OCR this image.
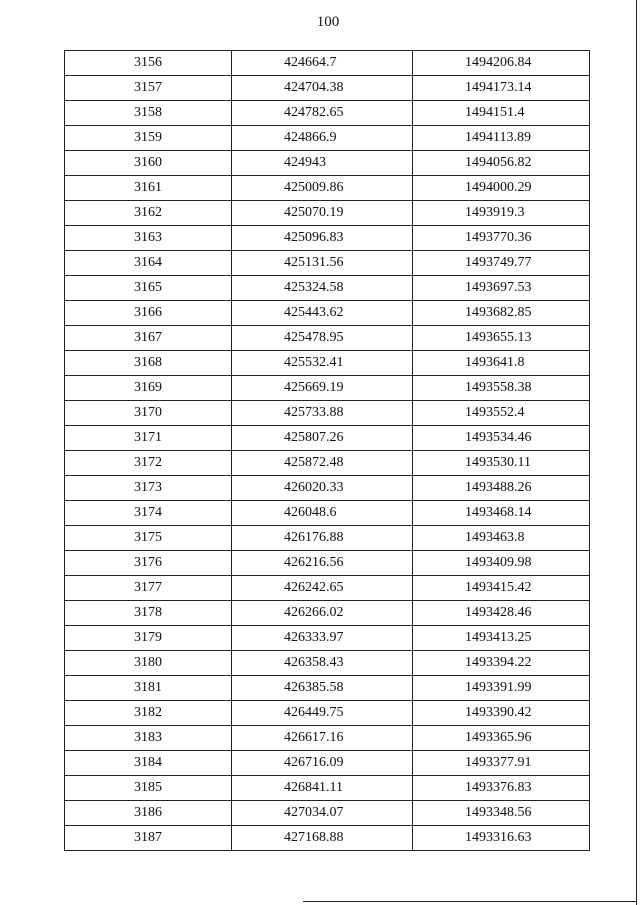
100
3156	424664.7	1494206.84
3157	424704.38	1494173.14
3158	424782.65	1494151.4
3159	424866.9	1494113.89
3160	424943	1494056.82
3161	425009.86	1494000.29
3162	425070.19	1493919.3
3163	425096.83	1493770.36
3164	425131.56	1493749.77
3165	425324.58	1493697.53
3166	425443.62	1493682.85
3167	425478.95	1493655.13
3168	425532.41	1493641.8
3169	425669.19	1493558.38
3170	425733.88	1493552.4
3171	425807.26	1493534.46
3172	425872.48	1493530.11
3173	426020.33	1493488.26
3174	426048.6	1493468.14
3175	426176.88	1493463.8
3176	426216.56	1493409.98
3177	426242.65	1493415.42
3178	426266.02	1493428.46
3179	426333.97	1493413.25
3180	426358.43	1493394.22
3181	426385.58	1493391.99
3182	426449.75	1493390.42
3183	426617.16	1493365.96
3184	426716.09	1493377.91
3185	426841.11	1493376.83
3186	427034.07	1493348.56
3187	427168.88	1493316.63
